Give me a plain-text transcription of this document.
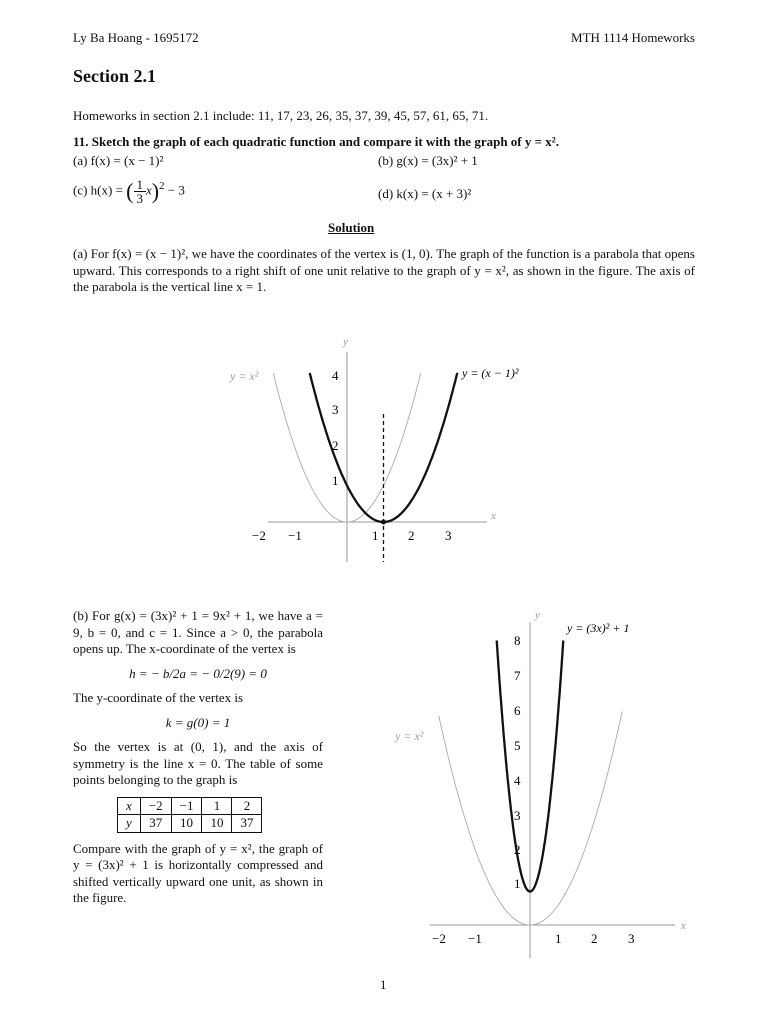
Ly Ba Hoang - 1695172	MTH 1114 Homeworks
Section 2.1
Homeworks in section 2.1 include: 11, 17, 23, 26, 35, 37, 39, 45, 57, 61, 65, 71.
11. Sketch the graph of each quadratic function and compare it with the graph of y = x².
(a) f(x) = (x − 1)²	(b) g(x) = (3x)² + 1
(c) h(x) = ( $\frac{1}{3} x)^2 - 3$	(d) k(x) = (x + 3)²
Solution
(a) For f(x) = (x − 1)², we have the coordinates of the vertex is (1, 0). The graph of the function is a parabola that opens upward. This corresponds to a right shift of one unit relative to the graph of y = x², as shown in the figure. The axis of the parabola is the vertical line x = 1.
x
y
−2 −1	1 2 3
1
2
3
4
y = x²	y = (x − 1)²
(b) For g(x) = (3x)² + 1 = 9x² + 1, we have a = 9, b = 0, and c = 1. Since a > 0, the parabola opens up. The x-coordinate of the vertex is
h = − b/2a = − 0/2(9) = 0
The y-coordinate of the vertex is
k = g(0) = 1
So the vertex is at (0, 1), and the axis of symmetry is the line x = 0. The table of some points belonging to the graph is
x	−2	−1	1	2
y	37	10	10	37
Compare with the graph of y = x², the graph of y = (3x)² + 1 is horizontally compressed and shifted vertically upward one unit, as shown in the figure.
x
y
−2 −1	1 2 3
1
2
3
4
5
6
7
8
y = x²
y = (3x)² + 1
1
